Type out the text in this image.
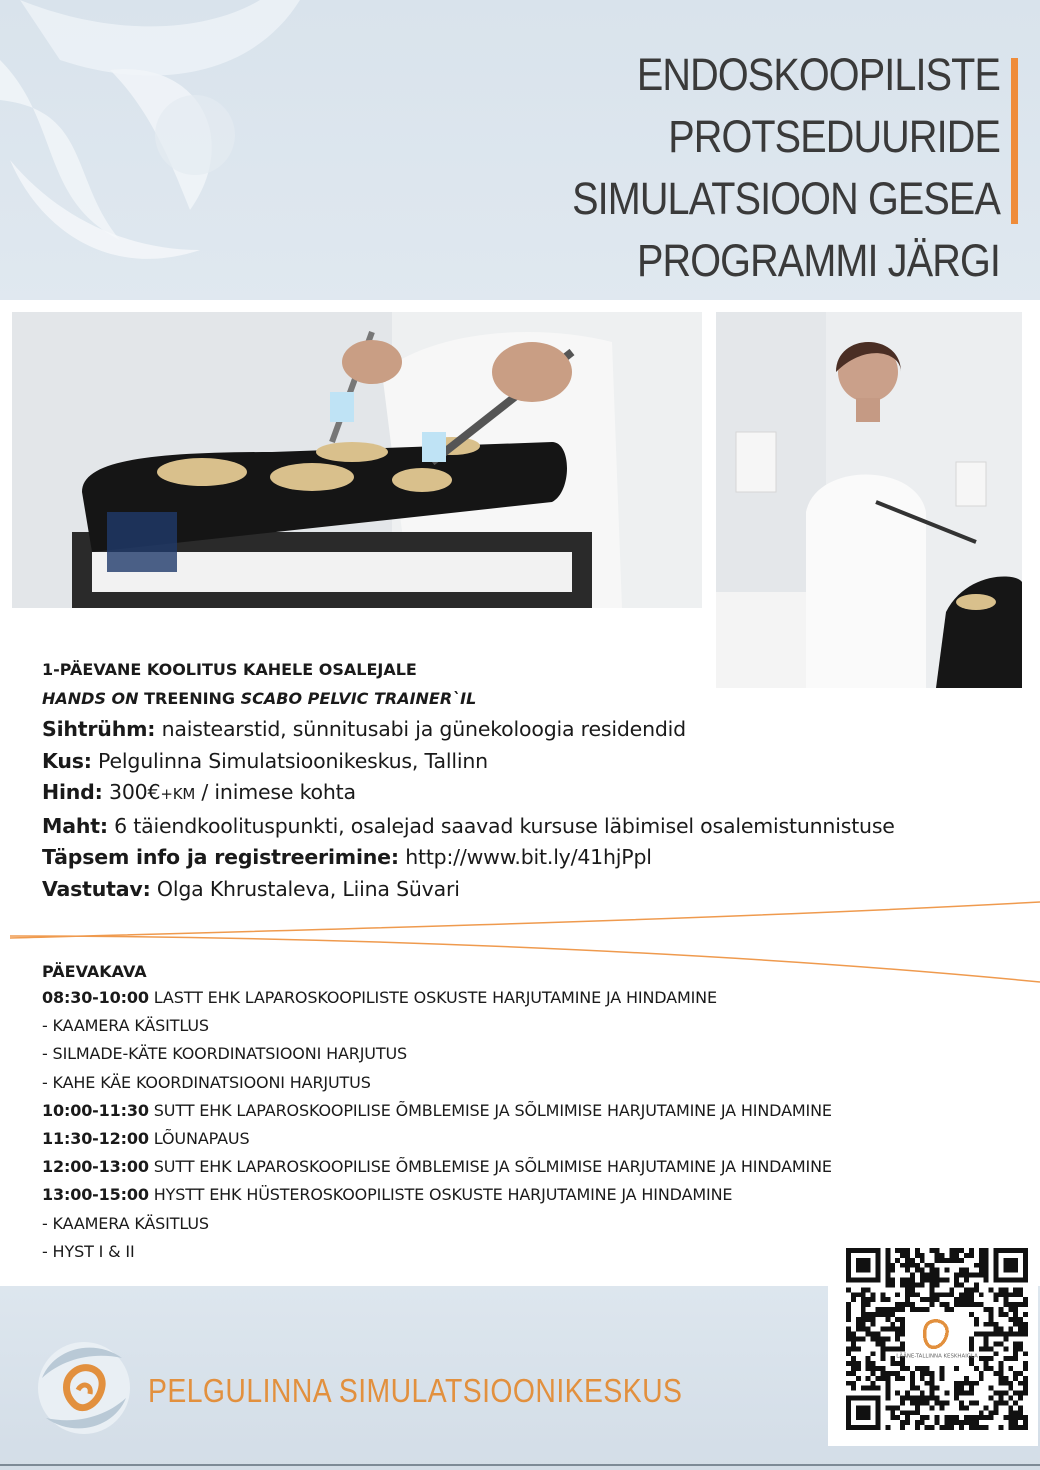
ENDOSKOOPILISTE PROTSEDUURIDE
SIMULATSIOON GESEA
PROGRAMMI JÄRGI
1-PÄEVANE KOOLITUS KAHELE OSALEJALE
HANDS ON TREENING SCABO PELVIC TRAINER`IL
Sihtrühm: naistearstid, sünnitusabi ja günekoloogia residendid
Kus: Pelgulinna Simulatsioonikeskus, Tallinn
Hind: 300€+KM / inimese kohta
Maht: 6 täiendkoolituspunkti, osalejad saavad kursuse läbimisel osalemistunnistuse
Täpsem info ja registreerimine: http://www.bit.ly/41hjPpl
Vastutav: Olga Khrustaleva, Liina Süvari
PÄEVAKAVA
08:30-10:00 LASTT EHK LAPAROSKOOPILISTE OSKUSTE HARJUTAMINE JA HINDAMINE
- KAAMERA KÄSITLUS
- SILMADE-KÄTE KOORDINATSIOONI HARJUTUS
- KAHE KÄE KOORDINATSIOONI HARJUTUS
10:00-11:30 SUTT EHK LAPAROSKOOPILISE ÕMBLEMISE JA SÕLMIMISE HARJUTAMINE JA HINDAMINE
11:30-12:00 LÕUNAPAUS
12:00-13:00 SUTT EHK LAPAROSKOOPILISE ÕMBLEMISE JA SÕLMIMISE HARJUTAMINE JA HINDAMINE
13:00-15:00 HYSTT EHK HÜSTEROSKOOPILISTE OSKUSTE HARJUTAMINE JA HINDAMINE
- KAAMERA KÄSITLUS
- HYST I & II
PELGULINNA SIMULATSIOONIKESKUS
LÄÄNE-TALLINNA KESKHAIGLA
